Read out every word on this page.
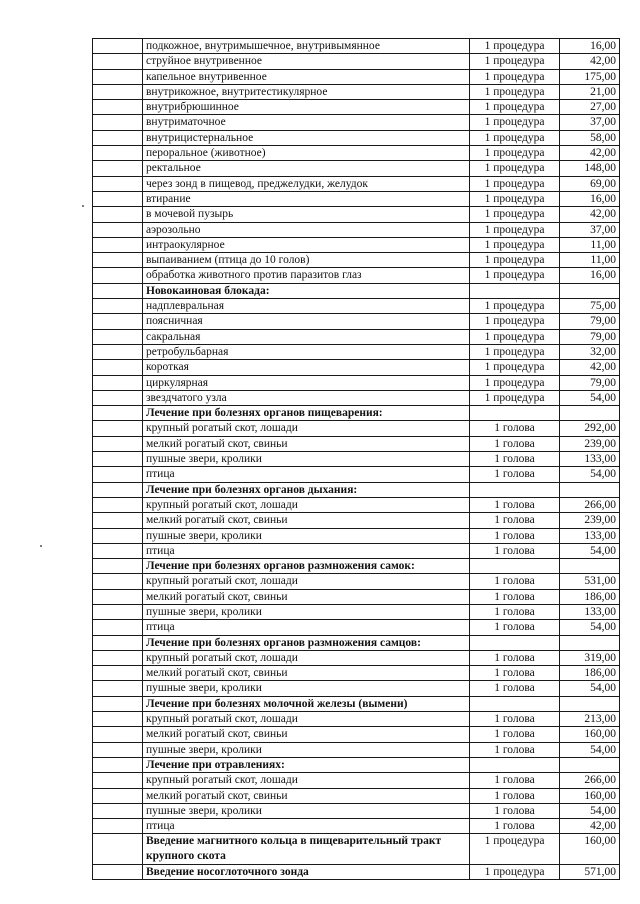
	подкожное, внутримышечное, внутривымянное	1 процедура	16,00
	струйное внутривенное	1 процедура	42,00
	капельное внутривенное	1 процедура	175,00
	внутрикожное, внутритестикулярное	1 процедура	21,00
	внутрибрюшинное	1 процедура	27,00
	внутриматочное	1 процедура	37,00
	внутрицистернальное	1 процедура	58,00
	пероральное (животное)	1 процедура	42,00
	ректальное	1 процедура	148,00
	через зонд в пищевод, преджелудки, желудок	1 процедура	69,00
	втирание	1 процедура	16,00
	в мочевой пузырь	1 процедура	42,00
	аэрозольно	1 процедура	37,00
	интраокулярное	1 процедура	11,00
	выпаиванием (птица до 10 голов)	1 процедура	11,00
	обработка животного против паразитов глаз	1 процедура	16,00
	Новокаиновая блокада:		
	надплевральная	1 процедура	75,00
	поясничная	1 процедура	79,00
	сакральная	1 процедура	79,00
	ретробульбарная	1 процедура	32,00
	короткая	1 процедура	42,00
	циркулярная	1 процедура	79,00
	звездчатого узла	1 процедура	54,00
	Лечение при болезнях органов пищеварения:		
	крупный рогатый скот, лошади	1 голова	292,00
	мелкий рогатый скот, свиньи	1 голова	239,00
	пушные звери, кролики	1 голова	133,00
	птица	1 голова	54,00
	Лечение при болезнях органов дыхания:		
	крупный рогатый скот, лошади	1 голова	266,00
	мелкий рогатый скот, свиньи	1 голова	239,00
	пушные звери, кролики	1 голова	133,00
	птица	1 голова	54,00
	Лечение при болезнях органов размножения самок:		
	крупный рогатый скот, лошади	1 голова	531,00
	мелкий рогатый скот, свиньи	1 голова	186,00
	пушные звери, кролики	1 голова	133,00
	птица	1 голова	54,00
	Лечение при болезнях органов размножения самцов:		
	крупный рогатый скот, лошади	1 голова	319,00
	мелкий рогатый скот, свиньи	1 голова	186,00
	пушные звери, кролики	1 голова	54,00
	Лечение при болезнях молочной железы (вымени)		
	крупный рогатый скот, лошади	1 голова	213,00
	мелкий рогатый скот, свиньи	1 голова	160,00
	пушные звери, кролики	1 голова	54,00
	Лечение при отравлениях:		
	крупный рогатый скот, лошади	1 голова	266,00
	мелкий рогатый скот, свиньи	1 голова	160,00
	пушные звери, кролики	1 голова	54,00
	птица	1 голова	42,00
	Введение магнитного кольца в пищеварительный тракт крупного скота	1 процедура	160,00
	Введение носоглоточного зонда	1 процедура	571,00
